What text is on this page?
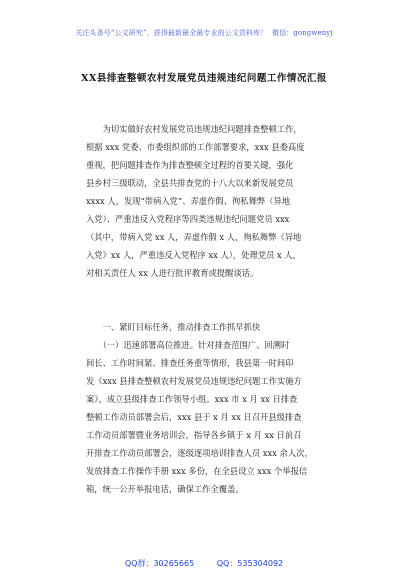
关注头条号“公文研究”，获得最新最全最专业的公文资料库！ 微信：gongwenyj
XX县排查整顿农村发展党员违规违纪问题工作情况汇报
　　为切实做好农村发展党员违规违纪问题排查整顿工作，
根据 xxx 党委、市委组织部的工作部署要求，xxx 县委高度
重视，把问题排查作为排查整顿全过程的首要关键，强化
县乡村三级联动，全县共排查党的十八大以来新发展党员
xxxx 人，发现“带病入党”、弄虚作假、徇私舞弊（异地
入党）、严重违反入党程序等四类违规违纪问题党员 xxx
（其中，带病入党 xx 人，弄虚作假 x 人，徇私舞弊《异地
入党》xx 人，严重违反入党程序 xx 人），处理党员 x 人，
对相关责任人 xx 人进行批评教育或提醒谈话。
　　一、紧盯目标任务，推动排查工作抓早抓快
　　（一）迅速部署高位推进。针对排查范围广、回溯时
间长、工作时间紧、排查任务重等情形，我县第一时间印
发《xxx 县排查整顿农村发展党员违规违纪问题工作实施方
案》，成立县级排查工作领导小组。xxx 市 x 月 xx 日排查
整顿工作动员部署会后，xxx 县于 x 月 xx 日召开县级排查
工作动员部署暨业务培训会，指导各乡镇于 x 月 xx 日前召
开排查工作动员部署会，逐级逐项培训排查人员 xxx 余人次，
发放排查工作操作手册 xxx 多份，在全县设立 xxx 个举报信
箱，统一公开举报电话，确保工作全覆盖。
QQ群：30265665	QQ：535304092
